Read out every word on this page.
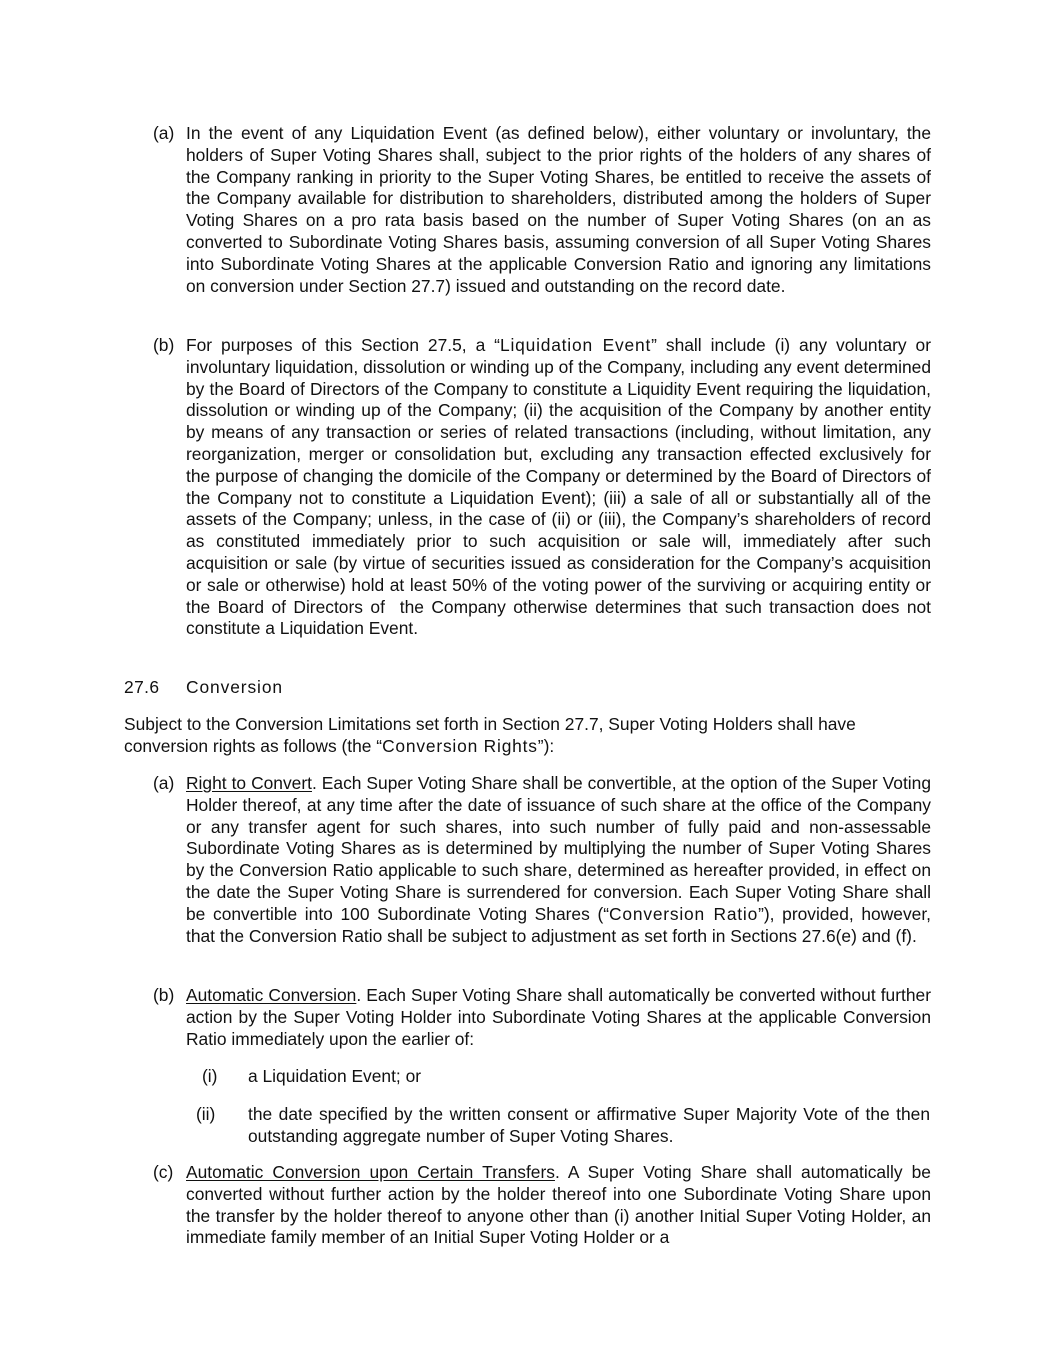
(a) In the event of any Liquidation Event (as defined below), either voluntary or involuntary, the holders of Super Voting Shares shall, subject to the prior rights of the holders of any shares of the Company ranking in priority to the Super Voting Shares, be entitled to receive the assets of the Company available for distribution to shareholders, distributed among the holders of Super Voting Shares on a pro rata basis based on the number of Super Voting Shares (on an as converted to Subordinate Voting Shares basis, assuming conversion of all Super Voting Shares into Subordinate Voting Shares at the applicable Conversion Ratio and ignoring any limitations on conversion under Section 27.7) issued and outstanding on the record date.
(b) For purposes of this Section 27.5, a “Liquidation Event” shall include (i) any voluntary or involuntary liquidation, dissolution or winding up of the Company, including any event determined by the Board of Directors of the Company to constitute a Liquidity Event requiring the liquidation, dissolution or winding up of the Company; (ii) the acquisition of the Company by another entity by means of any transaction or series of related transactions (including, without limitation, any reorganization, merger or consolidation but, excluding any transaction effected exclusively for the purpose of changing the domicile of the Company or determined by the Board of Directors of the Company not to constitute a Liquidation Event); (iii) a sale of all or substantially all of the assets of the Company; unless, in the case of (ii) or (iii), the Company’s shareholders of record as constituted immediately prior to such acquisition or sale will, immediately after such acquisition or sale (by virtue of securities issued as consideration for the Company’s acquisition or sale or otherwise) hold at least 50% of the voting power of the surviving or acquiring entity or the Board of Directors of  the Company otherwise determines that such transaction does not constitute a Liquidation Event.
27.6 Conversion
Subject to the Conversion Limitations set forth in Section 27.7, Super Voting Holders shall have conversion rights as follows (the “Conversion Rights”):
(a) Right to Convert. Each Super Voting Share shall be convertible, at the option of the Super Voting Holder thereof, at any time after the date of issuance of such share at the office of the Company or any transfer agent for such shares, into such number of fully paid and non-assessable Subordinate Voting Shares as is determined by multiplying the number of Super Voting Shares by the Conversion Ratio applicable to such share, determined as hereafter provided, in effect on the date the Super Voting Share is surrendered for conversion. Each Super Voting Share shall be convertible into 100 Subordinate Voting Shares (“Conversion Ratio”), provided, however, that the Conversion Ratio shall be subject to adjustment as set forth in Sections 27.6(e) and (f).
(b) Automatic Conversion. Each Super Voting Share shall automatically be converted without further action by the Super Voting Holder into Subordinate Voting Shares at the applicable Conversion Ratio immediately upon the earlier of:
(i) a Liquidation Event; or
(ii) the date specified by the written consent or affirmative Super Majority Vote of the then outstanding aggregate number of Super Voting Shares.
(c) Automatic Conversion upon Certain Transfers. A Super Voting Share shall automatically be converted without further action by the holder thereof into one Subordinate Voting Share upon the transfer by the holder thereof to anyone other than (i) another Initial Super Voting Holder, an immediate family member of an Initial Super Voting Holder or a
